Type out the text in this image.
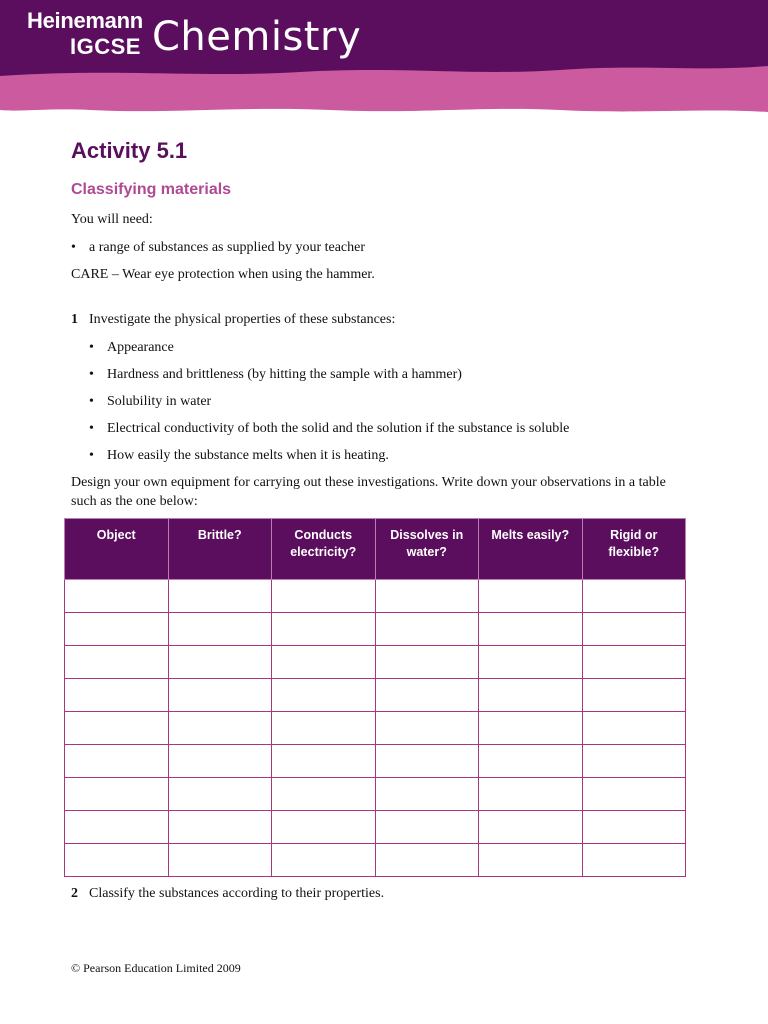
Heinemann
IGCSE Chemistry
Activity 5.1
Classifying materials
You will need:
• a range of substances as supplied by your teacher
CARE – Wear eye protection when using the hammer.
1 Investigate the physical properties of these substances:
• Appearance
• Hardness and brittleness (by hitting the sample with a hammer)
• Solubility in water
• Electrical conductivity of both the solid and the solution if the substance is soluble
• How easily the substance melts when it is heating.
Design your own equipment for carrying out these investigations. Write down your observations in a table such as the one below:
Object	Brittle?	Conducts electricity?	Dissolves in water?	Melts easily?	Rigid or flexible?

2 Classify the substances according to their properties.
© Pearson Education Limited 2009
